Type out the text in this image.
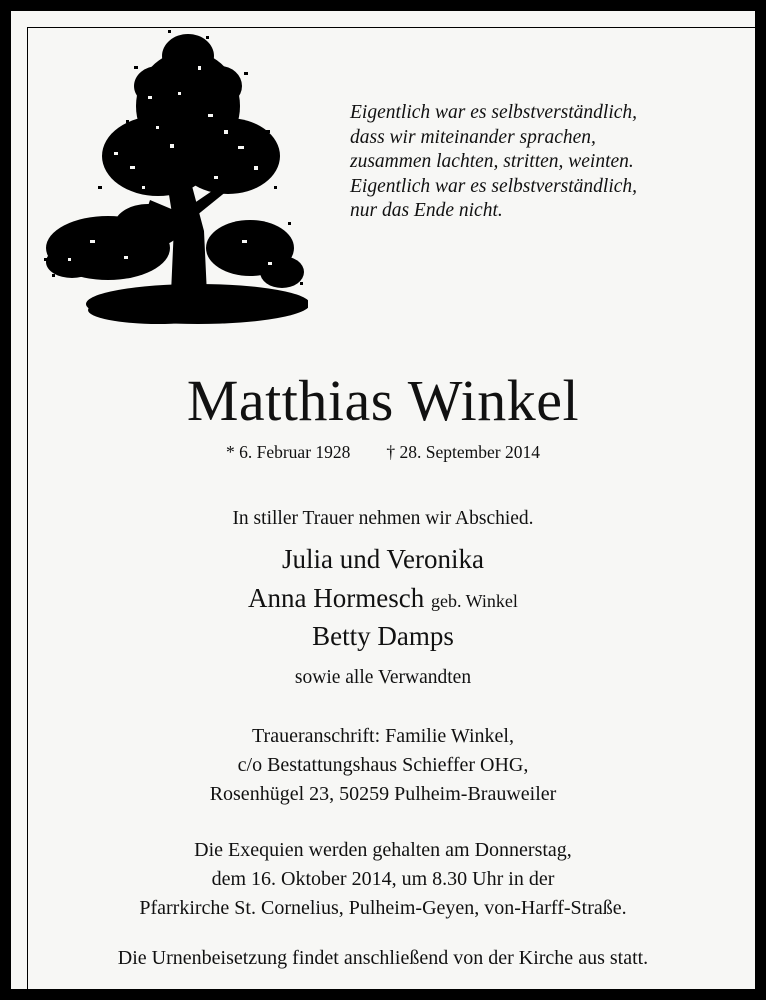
Eigentlich war es selbstverständlich,
dass wir miteinander sprachen,
zusammen lachten, stritten, weinten.
Eigentlich war es selbstverständlich,
nur das Ende nicht.
Matthias Winkel
* 6. Februar 1928 † 28. September 2014
In stiller Trauer nehmen wir Abschied.
Julia und Veronika
Anna Hormesch geb. Winkel
Betty Damps
sowie alle Verwandten
Traueranschrift: Familie Winkel,
c/o Bestattungshaus Schieffer OHG,
Rosenhügel 23, 50259 Pulheim-Brauweiler
Die Exequien werden gehalten am Donnerstag,
dem 16. Oktober 2014, um 8.30 Uhr in der
Pfarrkirche St. Cornelius, Pulheim-Geyen, von-Harff-Straße.
Die Urnenbeisetzung findet anschließend von der Kirche aus statt.
